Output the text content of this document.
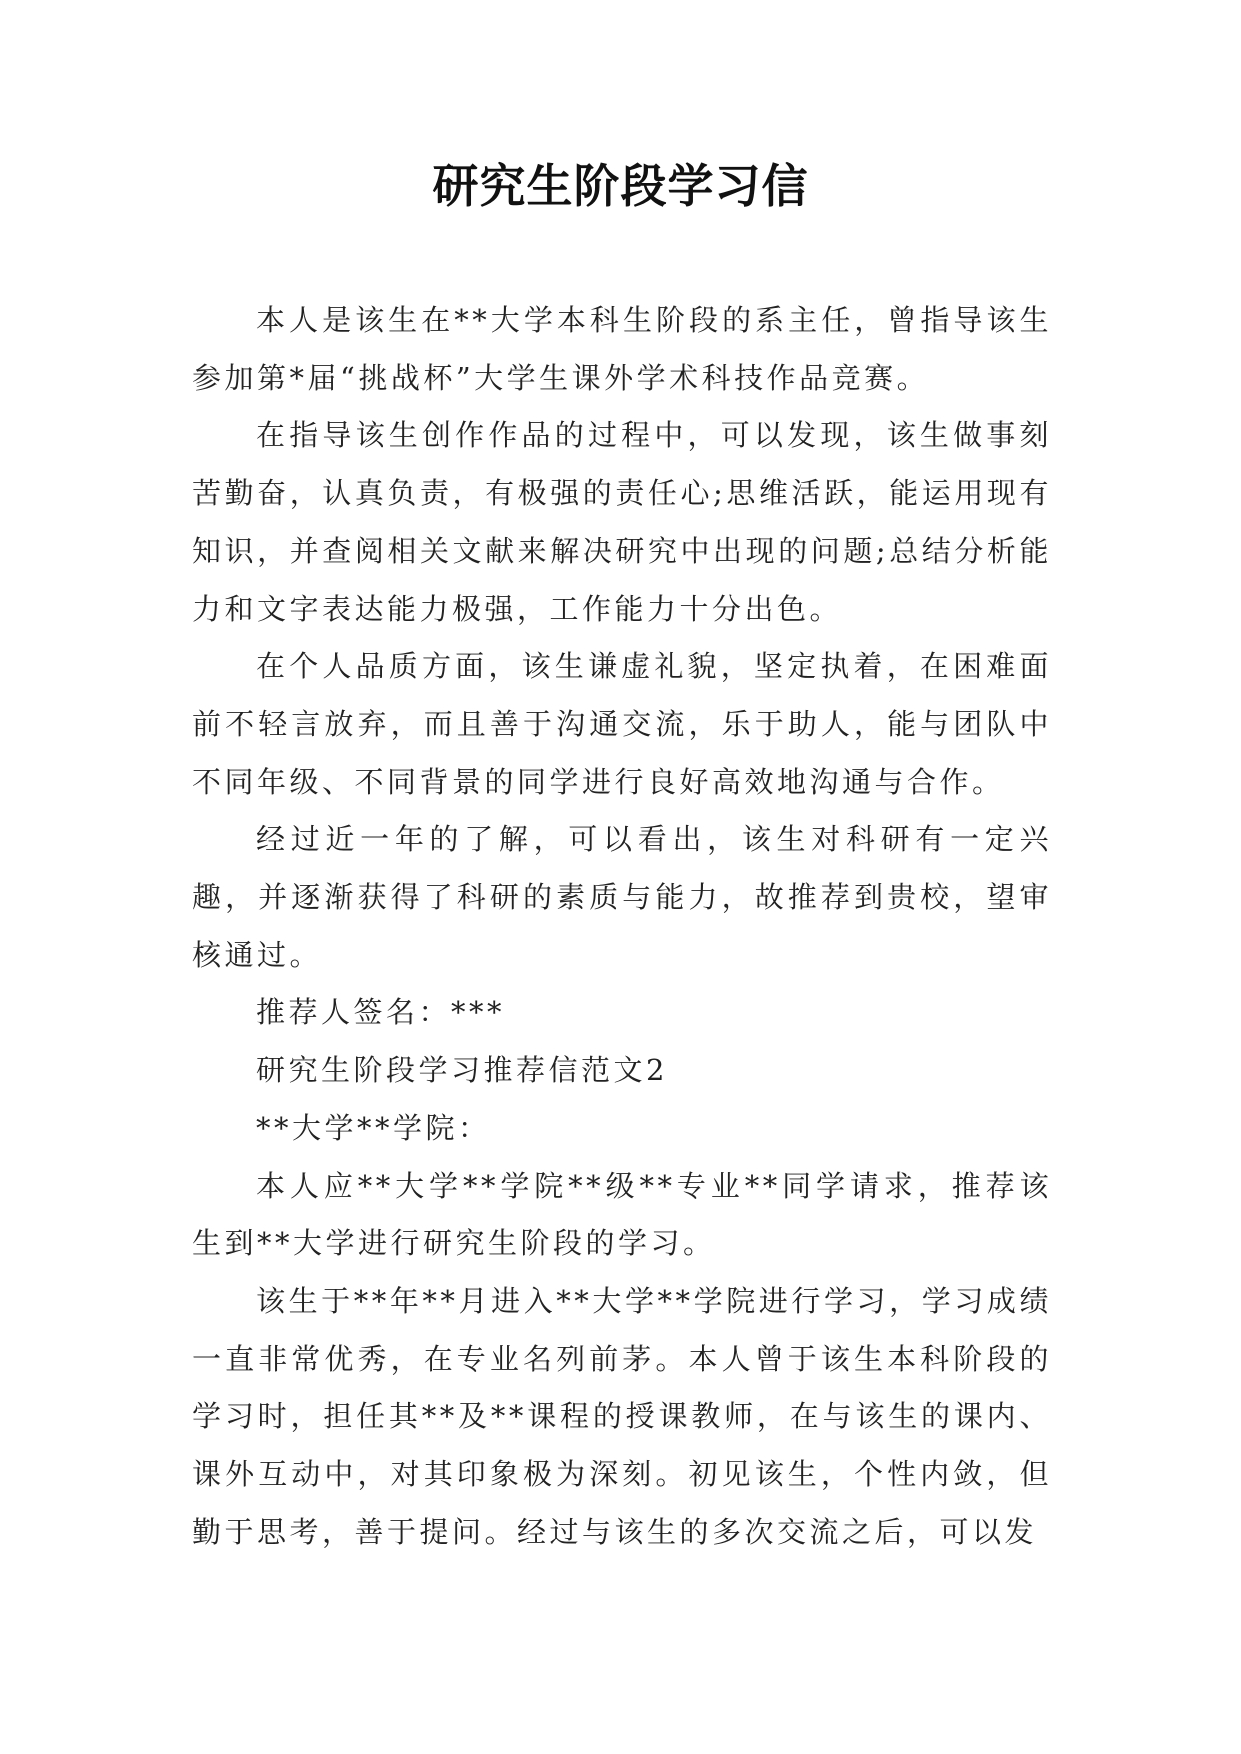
研究生阶段学习信

本人是该生在**大学本科生阶段的系主任，曾指导该生参加第*届“挑战杯”大学生课外学术科技作品竞赛。

在指导该生创作作品的过程中，可以发现，该生做事刻苦勤奋，认真负责，有极强的责任心;思维活跃，能运用现有知识，并查阅相关文献来解决研究中出现的问题;总结分析能力和文字表达能力极强，工作能力十分出色。

在个人品质方面，该生谦虚礼貌，坚定执着，在困难面前不轻言放弃，而且善于沟通交流，乐于助人，能与团队中不同年级、不同背景的同学进行良好高效地沟通与合作。

经过近一年的了解，可以看出，该生对科研有一定兴趣，并逐渐获得了科研的素质与能力，故推荐到贵校，望审核通过。

推荐人签名：***

研究生阶段学习推荐信范文2

**大学**学院：

本人应**大学**学院**级**专业**同学请求，推荐该生到**大学进行研究生阶段的学习。

该生于**年**月进入**大学**学院进行学习，学习成绩一直非常优秀，在专业名列前茅。本人曾于该生本科阶段的学习时，担任其**及**课程的授课教师，在与该生的课内、课外互动中，对其印象极为深刻。初见该生，个性内敛，但勤于思考，善于提问。经过与该生的多次交流之后，可以发
